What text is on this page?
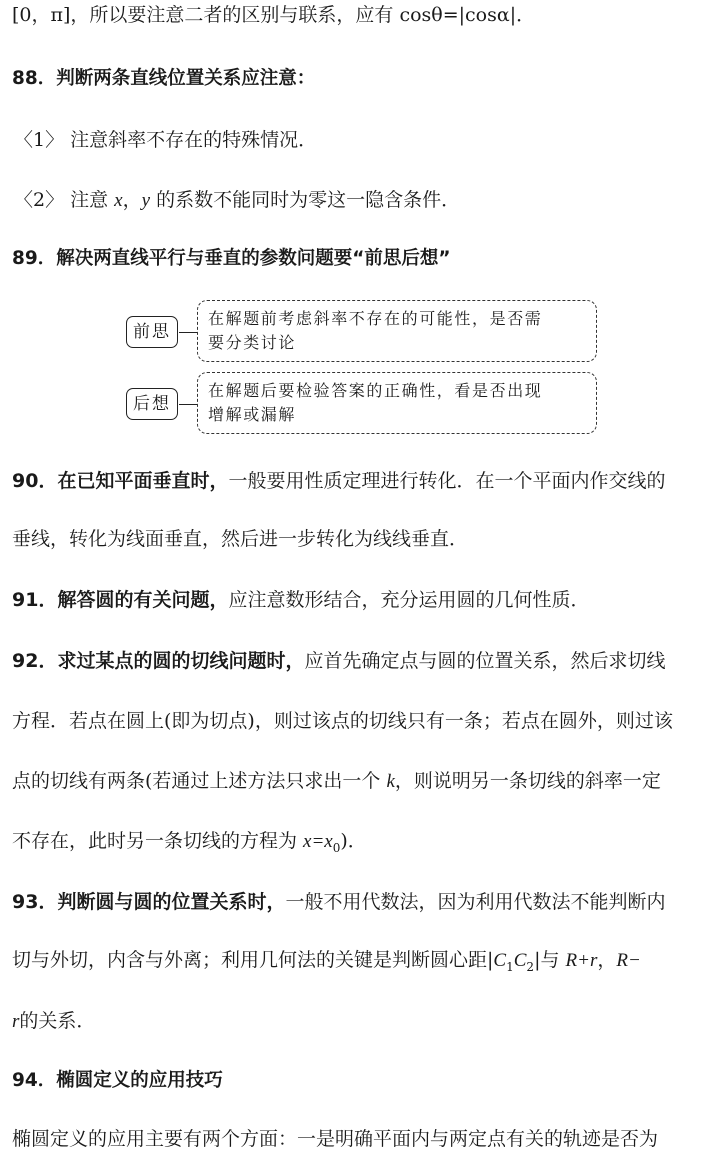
[0，π]，所以要注意二者的区别与联系，应有 cosθ=|cosα|．
88．判断两条直线位置关系应注意：
〈1〉 注意斜率不存在的特殊情况．
〈2〉 注意 x，y 的系数不能同时为零这一隐含条件．
89．解决两直线平行与垂直的参数问题要“前思后想”
前思
在解题前考虑斜率不存在的可能性，是否需
要分类讨论
后想
在解题后要检验答案的正确性，看是否出现
增解或漏解
90．在已知平面垂直时，一般要用性质定理进行转化．在一个平面内作交线的
垂线，转化为线面垂直，然后进一步转化为线线垂直．
91．解答圆的有关问题，应注意数形结合，充分运用圆的几何性质．
92．求过某点的圆的切线问题时，应首先确定点与圆的位置关系，然后求切线
方程．若点在圆上(即为切点)，则过该点的切线只有一条；若点在圆外，则过该
点的切线有两条(若通过上述方法只求出一个 k，则说明另一条切线的斜率一定
不存在，此时另一条切线的方程为 $x=x_0$)．
93．判断圆与圆的位置关系时，一般不用代数法，因为利用代数法不能判断内
切与外切，内含与外离；利用几何法的关键是判断圆心距$|C_1C_2|$与 R+r，R−
r的关系．
94．椭圆定义的应用技巧
椭圆定义的应用主要有两个方面：一是明确平面内与两定点有关的轨迹是否为
